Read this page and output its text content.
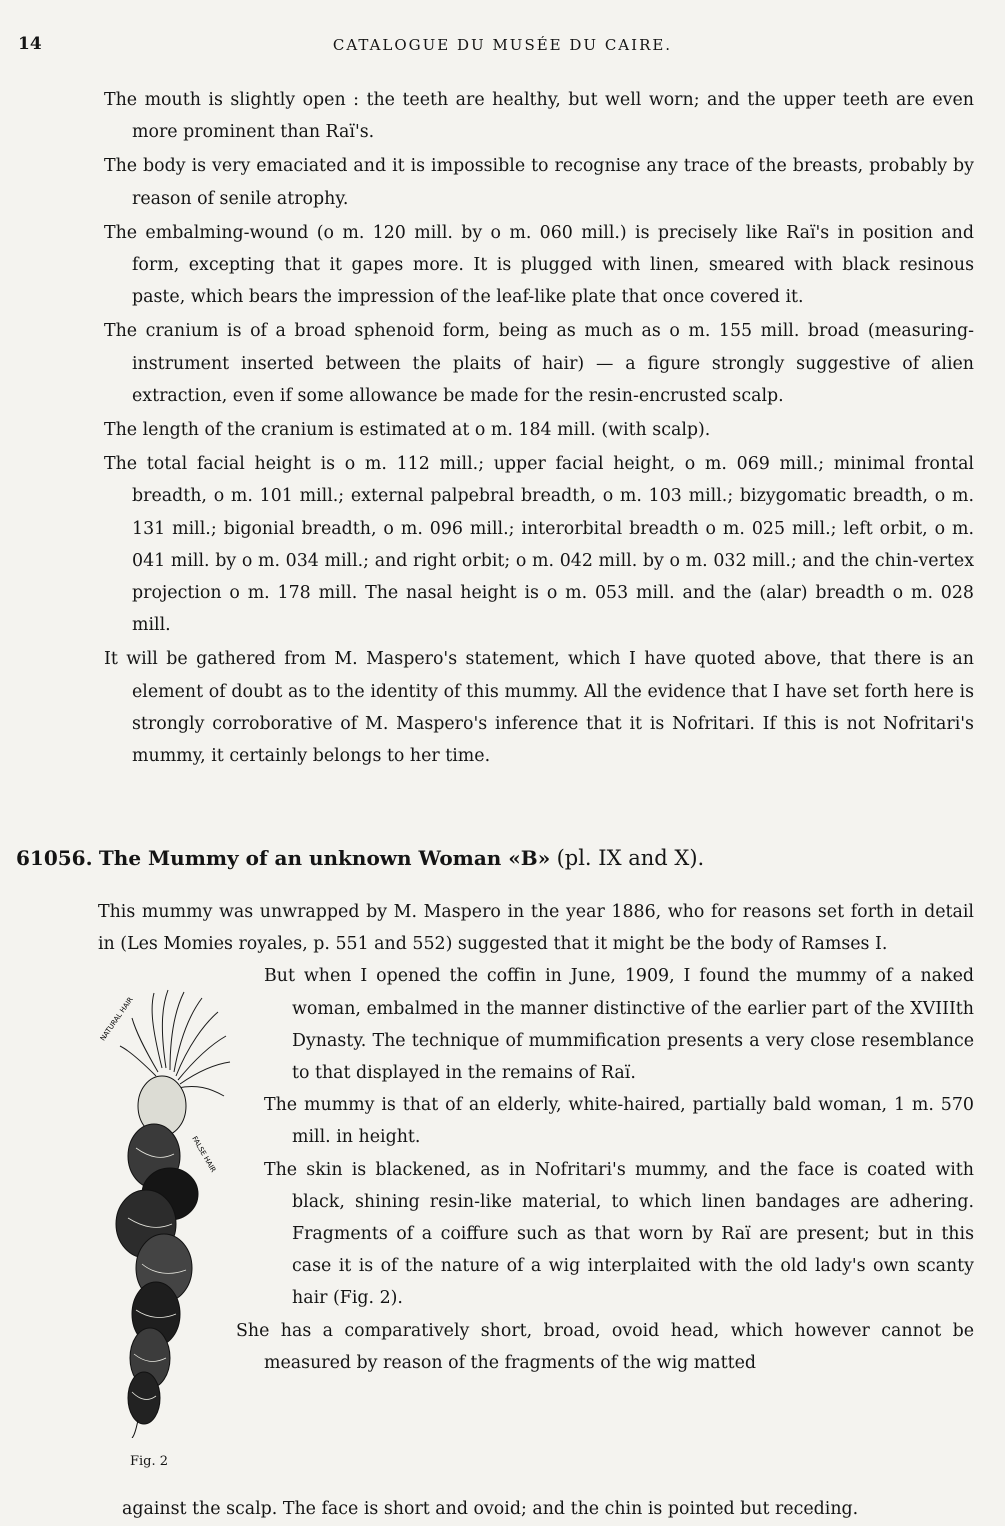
14	CATALOGUE DU MUSÉE DU CAIRE.

The mouth is slightly open : the teeth are healthy, but well worn; and the upper teeth are even more prominent than Raï's.

The body is very emaciated and it is impossible to recognise any trace of the breasts, probably by reason of senile atrophy.

The embalming-wound (o m. 120 mill. by o m. 060 mill.) is precisely like Raï's in position and form, excepting that it gapes more. It is plugged with linen, smeared with black resinous paste, which bears the impression of the leaf-like plate that once covered it.

The cranium is of a broad sphenoid form, being as much as o m. 155 mill. broad (measuring-instrument inserted between the plaits of hair) — a figure strongly suggestive of alien extraction, even if some allowance be made for the resin-encrusted scalp.

The length of the cranium is estimated at o m. 184 mill. (with scalp).

The total facial height is o m. 112 mill.; upper facial height, o m. 069 mill.; minimal frontal breadth, o m. 101 mill.; external palpebral breadth, o m. 103 mill.; bizygomatic breadth, o m. 131 mill.; bigonial breadth, o m. 096 mill.; interorbital breadth o m. 025 mill.; left orbit, o m. 041 mill. by o m. 034 mill.; and right orbit; o m. 042 mill. by o m. 032 mill.; and the chin-vertex projection o m. 178 mill. The nasal height is o m. 053 mill. and the (alar) breadth o m. 028 mill.

It will be gathered from M. Maspero's statement, which I have quoted above, that there is an element of doubt as to the identity of this mummy. All the evidence that I have set forth here is strongly corroborative of M. Maspero's inference that it is Nofritari. If this is not Nofritari's mummy, it certainly belongs to her time.

61056. The Mummy of an unknown Woman «B» (pl. IX and X).

This mummy was unwrapped by M. Maspero in the year 1886, who for reasons set forth in detail in (Les Momies royales, p. 551 and 552) suggested that it might be the body of Ramses I.

NATURAL HAIR
FALSE HAIR
Fig. 2

But when I opened the coffin in June, 1909, I found the mummy of a naked woman, embalmed in the manner distinctive of the earlier part of the XVIIIth Dynasty. The technique of mummification presents a very close resemblance to that displayed in the remains of Raï.

The mummy is that of an elderly, white-haired, partially bald woman, 1 m. 570 mill. in height.

The skin is blackened, as in Nofritari's mummy, and the face is coated with black, shining resin-like material, to which linen bandages are adhering. Fragments of a coiffure such as that worn by Raï are present; but in this case it is of the nature of a wig interplaited with the old lady's own scanty hair (Fig. 2).

She has a comparatively short, broad, ovoid head, which however cannot be measured by reason of the fragments of the wig matted

against the scalp. The face is short and ovoid; and the chin is pointed but receding.
